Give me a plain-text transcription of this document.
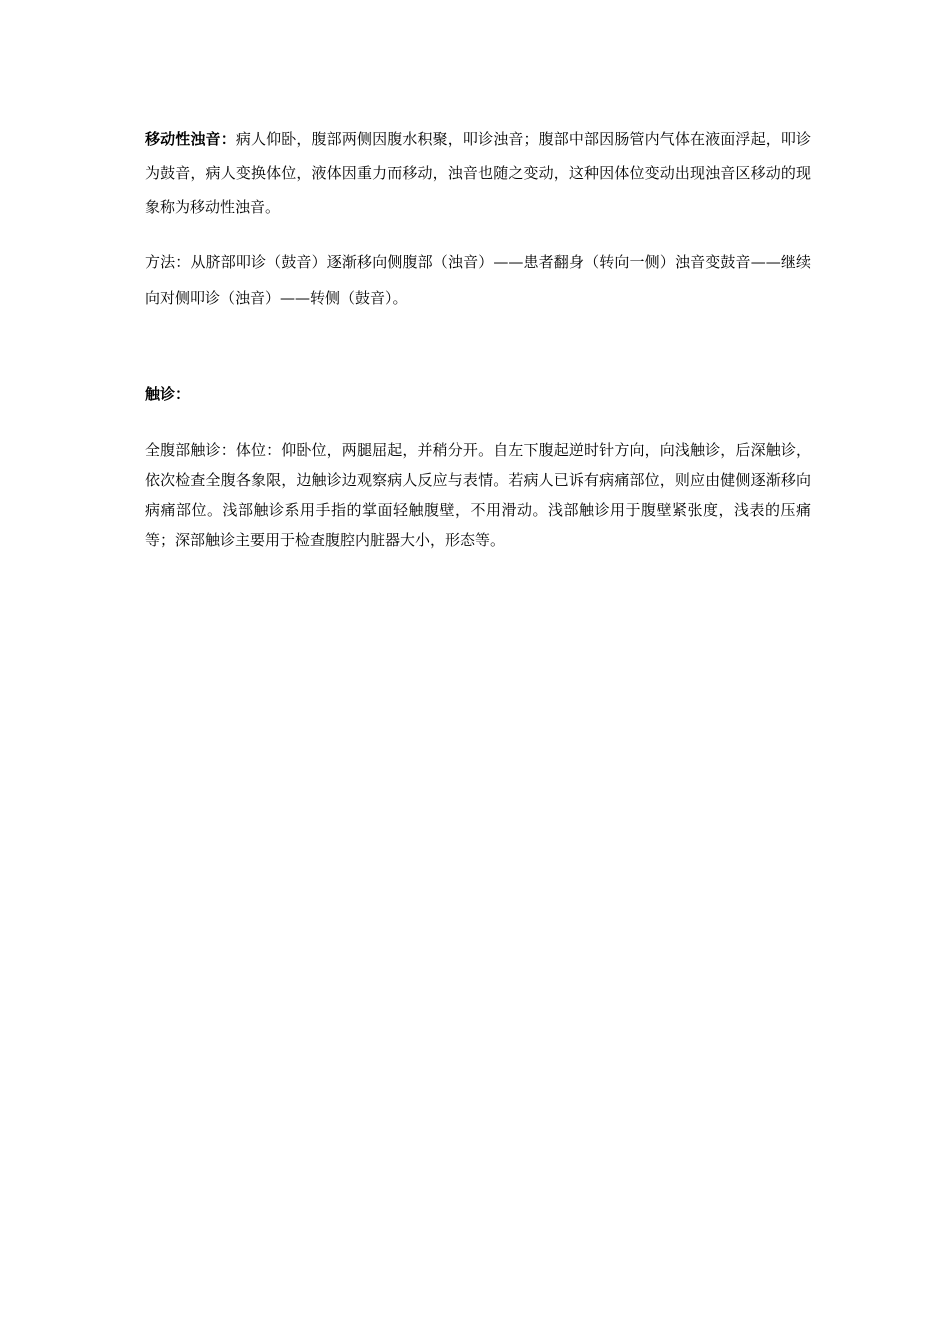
移动性浊音：病人仰卧，腹部两侧因腹水积聚，叩诊浊音；腹部中部因肠管内气体在液面浮起，叩诊为鼓音，病人变换体位，液体因重力而移动，浊音也随之变动，这种因体位变动出现浊音区移动的现象称为移动性浊音。
方法：从脐部叩诊（鼓音）逐渐移向侧腹部（浊音）——患者翻身（转向一侧）浊音变鼓音——继续向对侧叩诊（浊音）——转侧（鼓音）。
触诊：
全腹部触诊：体位：仰卧位，两腿屈起，并稍分开。自左下腹起逆时针方向，向浅触诊，后深触诊，依次检查全腹各象限，边触诊边观察病人反应与表情。若病人已诉有病痛部位，则应由健侧逐渐移向病痛部位。浅部触诊系用手指的掌面轻触腹壁，不用滑动。浅部触诊用于腹壁紧张度，浅表的压痛等；深部触诊主要用于检查腹腔内脏器大小，形态等。
